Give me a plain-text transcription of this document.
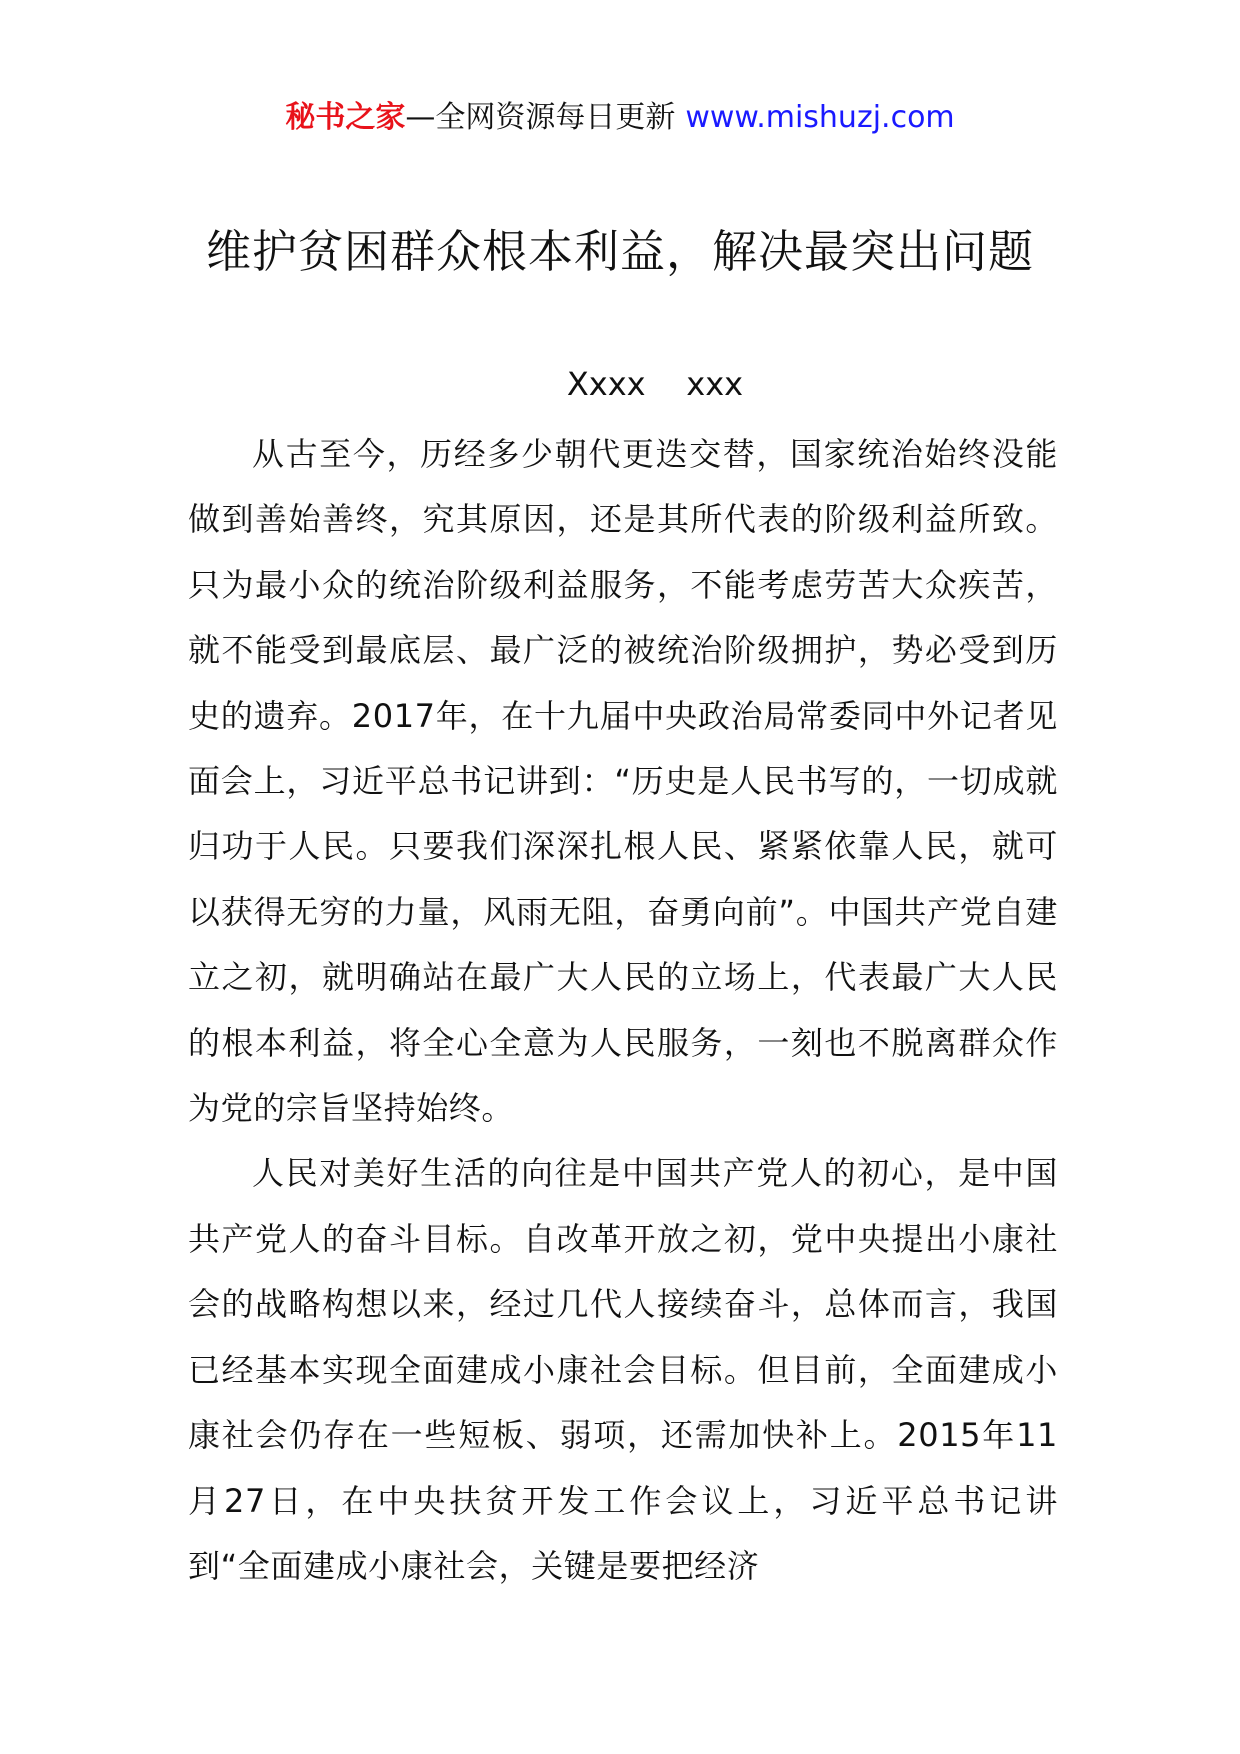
秘书之家—全网资源每日更新 www.mishuzj.com
维护贫困群众根本利益，解决最突出问题
Xxxx    xxx

从古至今，历经多少朝代更迭交替，国家统治始终没能做到善始善终，究其原因，还是其所代表的阶级利益所致。只为最小众的统治阶级利益服务，不能考虑劳苦大众疾苦，就不能受到最底层、最广泛的被统治阶级拥护，势必受到历史的遗弃。2017年，在十九届中央政治局常委同中外记者见面会上，习近平总书记讲到：“历史是人民书写的，一切成就归功于人民。只要我们深深扎根人民、紧紧依靠人民，就可以获得无穷的力量，风雨无阻，奋勇向前”。中国共产党自建立之初，就明确站在最广大人民的立场上，代表最广大人民的根本利益，将全心全意为人民服务，一刻也不脱离群众作为党的宗旨坚持始终。

人民对美好生活的向往是中国共产党人的初心，是中国共产党人的奋斗目标。自改革开放之初，党中央提出小康社会的战略构想以来，经过几代人接续奋斗，总体而言，我国已经基本实现全面建成小康社会目标。但目前，全面建成小康社会仍存在一些短板、弱项，还需加快补上。2015年11月27日，在中央扶贫开发工作会议上，习近平总书记讲到“全面建成小康社会，关键是要把经济
